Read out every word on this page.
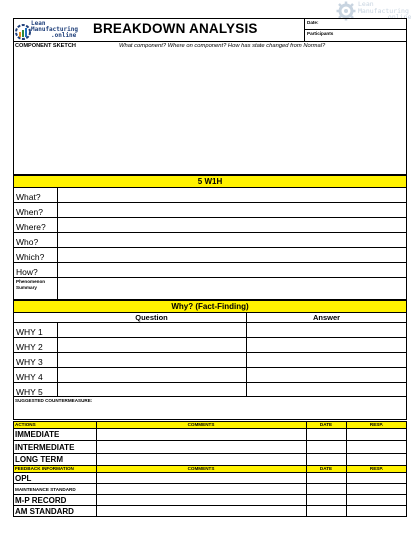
Lean
Manufacturing
.online
Lean
Manufacturing
.online BREAKDOWN ANALYSIS	Date:
Participants
COMPONENT SKETCH	What component? Where on component? How has state changed from Normal?
5 W1H
What?
When?
Where?
Who?
Which?
How?
Phenomenon
Summary
Why? (Fact-Finding)
Question	Answer
WHY 1
WHY 2
WHY 3
WHY 4
WHY 5
SUGGESTED COUNTERMEASURE:
ACTIONS	COMMENTS	DATE	RESP.
IMMEDIATE
INTERMEDIATE
LONG TERM
FEEDBACK INFORMATION	COMMENTS	DATE	RESP.
OPL
MAINTENANCE STANDARD
M-P RECORD
AM STANDARD
